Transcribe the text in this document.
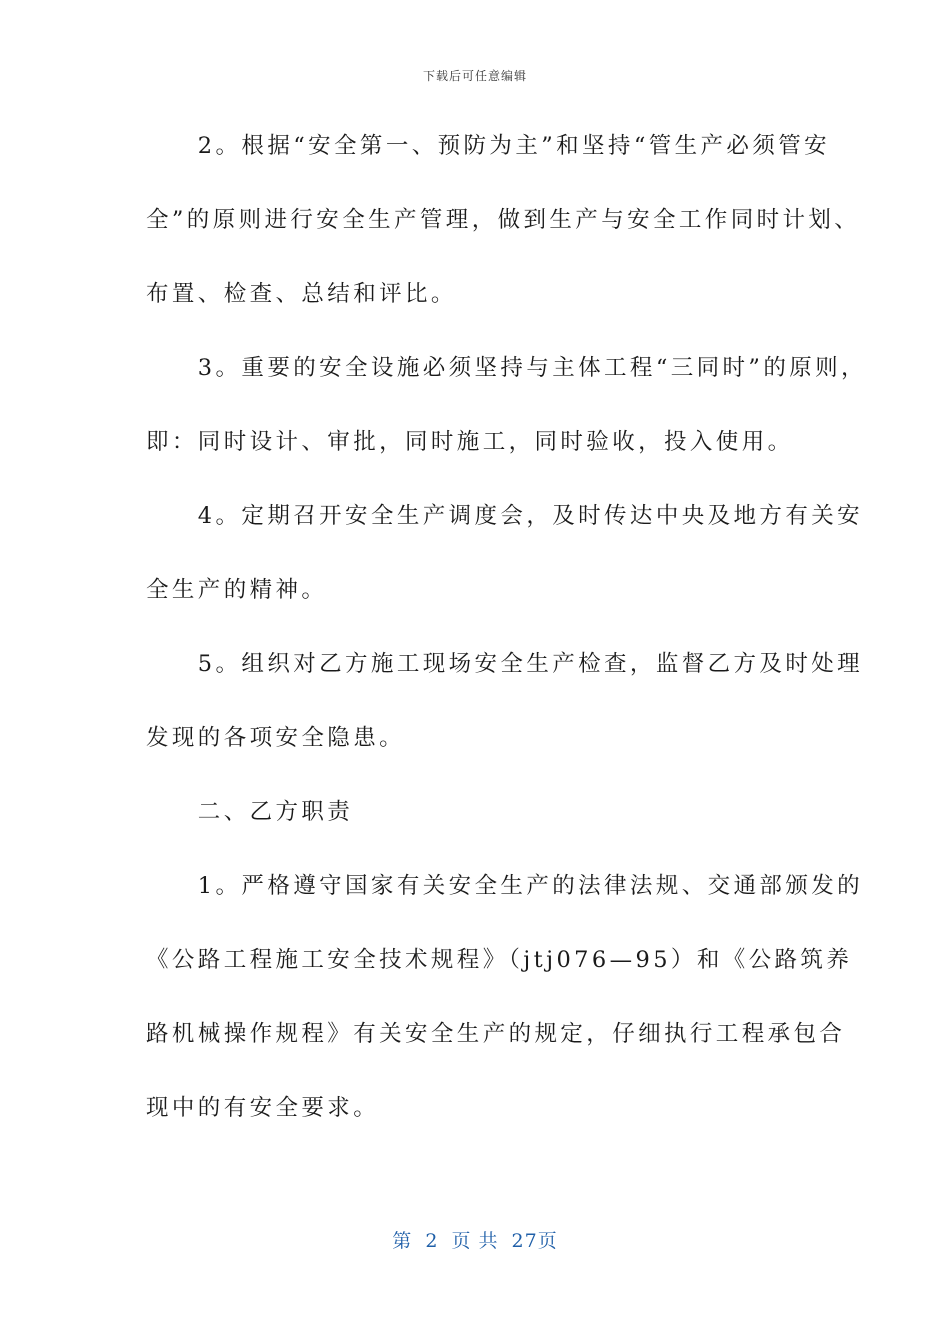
下载后可任意编辑
　　2。根据“安全第一、预防为主”和坚持“管生产必须管安
全”的原则进行安全生产管理，做到生产与安全工作同时计划、
布置、检查、总结和评比。
　　3。重要的安全设施必须坚持与主体工程“三同时”的原则，
即：同时设计、审批，同时施工，同时验收，投入使用。
　　4。定期召开安全生产调度会，及时传达中央及地方有关安
全生产的精神。
　　5。组织对乙方施工现场安全生产检查，监督乙方及时处理
发现的各项安全隐患。
　　二、乙方职责
　　1。严格遵守国家有关安全生产的法律法规、交通部颁发的
《公路工程施工安全技术规程》（jtj076—95）和《公路筑养
路机械操作规程》有关安全生产的规定，仔细执行工程承包合
现中的有安全要求。
第 2 页 共 27页
